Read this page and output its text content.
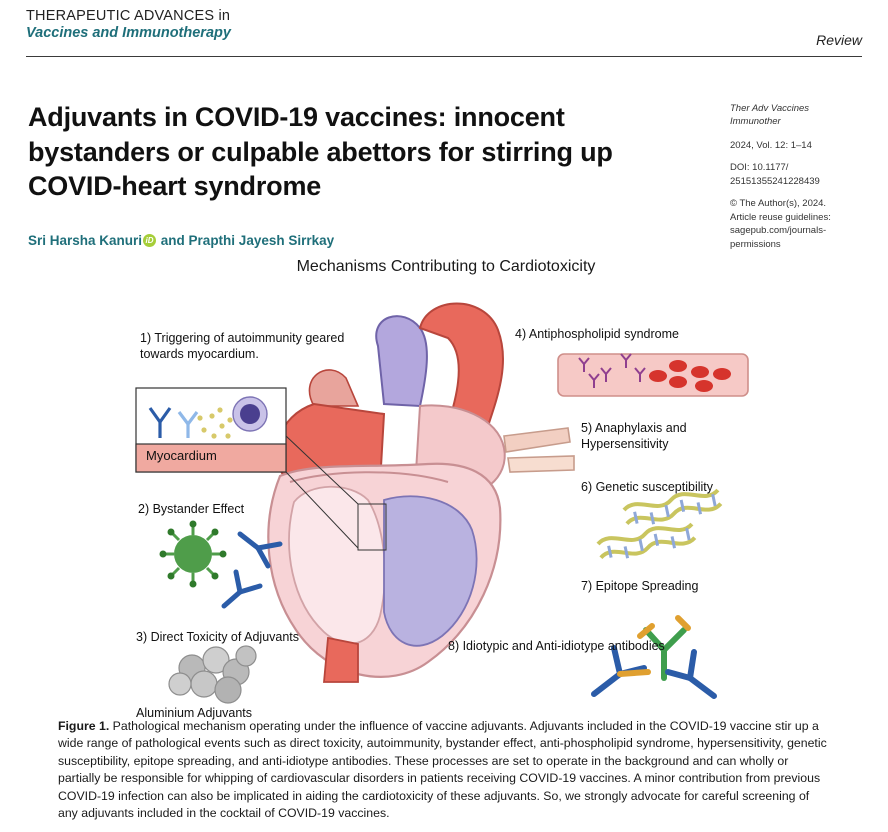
THERAPEUTIC ADVANCES in
Vaccines and Immunotherapy	Review
Adjuvants in COVID-19 vaccines: innocent bystanders or culpable abettors for stirring up COVID-heart syndrome
Sri Harsha KanuriiD and Prapthi Jayesh Sirrkay
Ther Adv Vaccines Immunother
2024, Vol. 12: 1–14
DOI: 10.1177/
25151355241228439
© The Author(s), 2024.
Article reuse guidelines:
sagepub.com/journals-
permissions
Mechanisms Contributing to Cardiotoxicity
1) Triggering of autoimmunity geared towards myocardium.
Myocardium
2) Bystander Effect
3) Direct Toxicity of Adjuvants
Aluminium Adjuvants
4) Antiphospholipid syndrome
5) Anaphylaxis and Hypersensitivity
6) Genetic susceptibility
7) Epitope Spreading
8) Idiotypic and Anti-idiotype antibodies
Figure 1. Pathological mechanism operating under the influence of vaccine adjuvants. Adjuvants included in the COVID-19 vaccine stir up a wide range of pathological events such as direct toxicity, autoimmunity, bystander effect, anti-phospholipid syndrome, hypersensitivity, genetic susceptibility, epitope spreading, and anti-idiotype antibodies. These processes are set to operate in the background and can wholly or partially be responsible for whipping of cardiovascular disorders in patients receiving COVID-19 vaccines. A minor contribution from previous COVID-19 infection can also be implicated in aiding the cardiotoxicity of these adjuvants. So, we strongly advocate for careful screening of any adjuvants included in the cocktail of COVID-19 vaccines.
